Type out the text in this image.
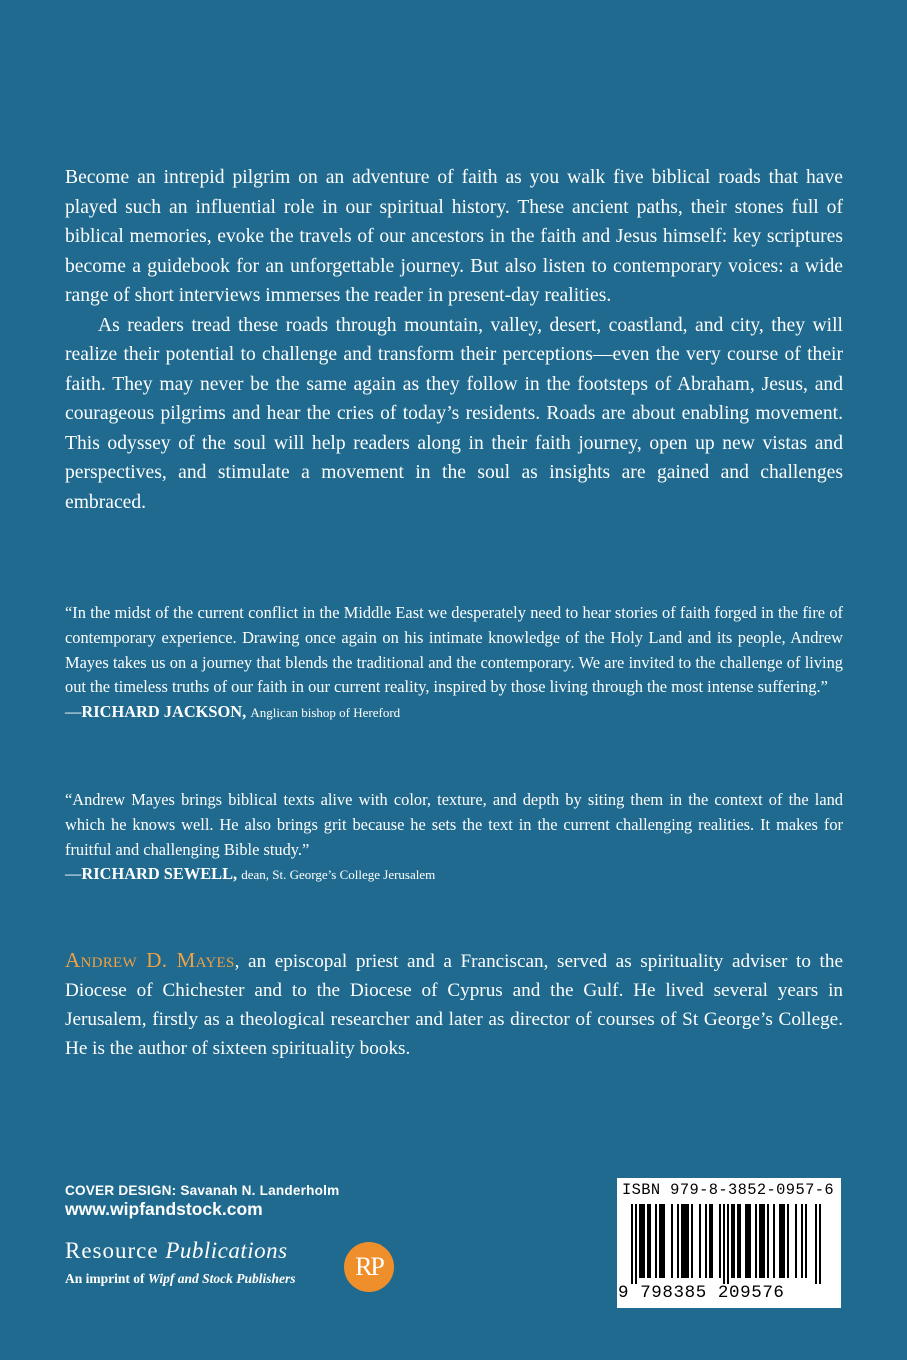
Become an intrepid pilgrim on an adventure of faith as you walk five biblical roads that have played such an influential role in our spiritual history. These ancient paths, their stones full of biblical memories, evoke the travels of our ancestors in the faith and Jesus himself: key scriptures become a guidebook for an unforgettable journey. But also listen to contemporary voices: a wide range of short interviews immerses the reader in present-day realities.

As readers tread these roads through mountain, valley, desert, coastland, and city, they will realize their potential to challenge and transform their perceptions—even the very course of their faith. They may never be the same again as they follow in the footsteps of Abraham, Jesus, and courageous pilgrims and hear the cries of today’s residents. Roads are about enabling movement. This odyssey of the soul will help readers along in their faith journey, open up new vistas and perspectives, and stimulate a movement in the soul as insights are gained and challenges embraced.

“In the midst of the current conflict in the Middle East we desperately need to hear stories of faith forged in the fire of contemporary experience. Drawing once again on his intimate knowledge of the Holy Land and its people, Andrew Mayes takes us on a journey that blends the traditional and the contemporary. We are invited to the challenge of living out the timeless truths of our faith in our current reality, inspired by those living through the most intense suffering.”

—RICHARD JACKSON, Anglican bishop of Hereford

“Andrew Mayes brings biblical texts alive with color, texture, and depth by siting them in the context of the land which he knows well. He also brings grit because he sets the text in the current challenging realities. It makes for fruitful and challenging Bible study.”

—RICHARD SEWELL, dean, St. George’s College Jerusalem

Andrew D. Mayes, an episcopal priest and a Franciscan, served as spirituality adviser to the Diocese of Chichester and to the Diocese of Cyprus and the Gulf. He lived several years in Jerusalem, firstly as a theological researcher and later as director of courses of St George’s College. He is the author of sixteen spirituality books.
COVER DESIGN: Savanah N. Landerholm
www.wipfandstock.com
Resource Publications
An imprint of Wipf and Stock Publishers	RP
ISBN 979-8-3852-0957-6
9 798385 209576
